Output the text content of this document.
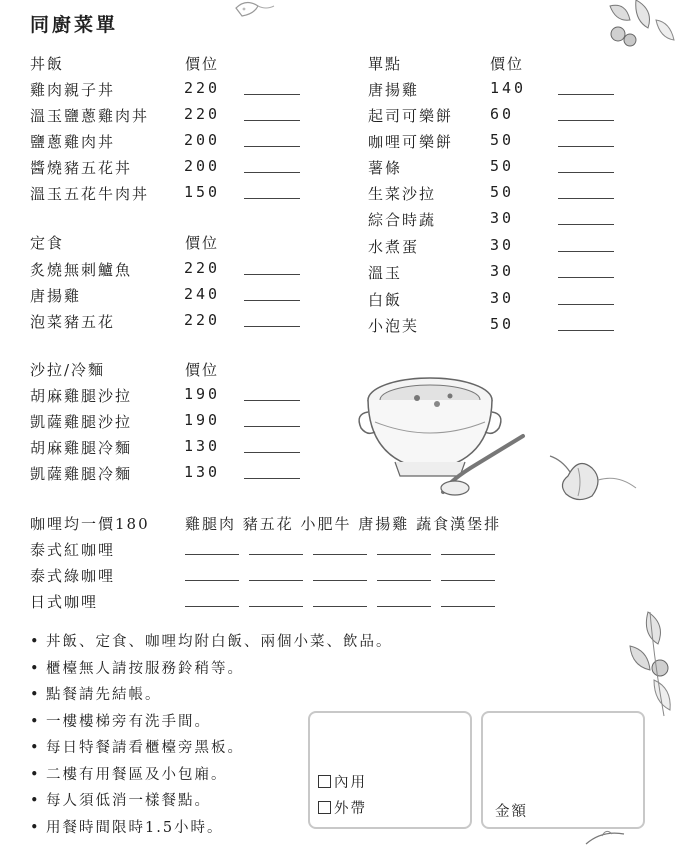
同廚菜單
丼飯	價位
雞肉親子丼	220
溫玉鹽蔥雞肉丼 220
鹽蔥雞肉丼	200
醬燒豬五花丼	200
溫玉五花牛肉丼 150
定食	價位
炙燒無刺鱸魚	220
唐揚雞	240
泡菜豬五花	220
沙拉/冷麵	價位
胡麻雞腿沙拉	190
凱薩雞腿沙拉	190
胡麻雞腿冷麵	130
凱薩雞腿冷麵	130
單點	價位
唐揚雞	140
起司可樂餅 60
咖哩可樂餅 50
薯條	50
生菜沙拉	50
綜合時蔬	30
水煮蛋	30
溫玉	30
白飯	30
小泡芙	50
咖哩均一價180 雞腿肉 豬五花 小肥牛 唐揚雞 蔬食漢堡排
泰式紅咖哩
泰式綠咖哩
日式咖哩
• 丼飯、定食、咖哩均附白飯、兩個小菜、飲品。
• 櫃檯無人請按服務鈴稍等。
• 點餐請先結帳。
• 一樓樓梯旁有洗手間。
• 每日特餐請看櫃檯旁黑板。
• 二樓有用餐區及小包廂。
• 每人須低消一樣餐點。
• 用餐時間限時1.5小時。
內用
外帶	金額
